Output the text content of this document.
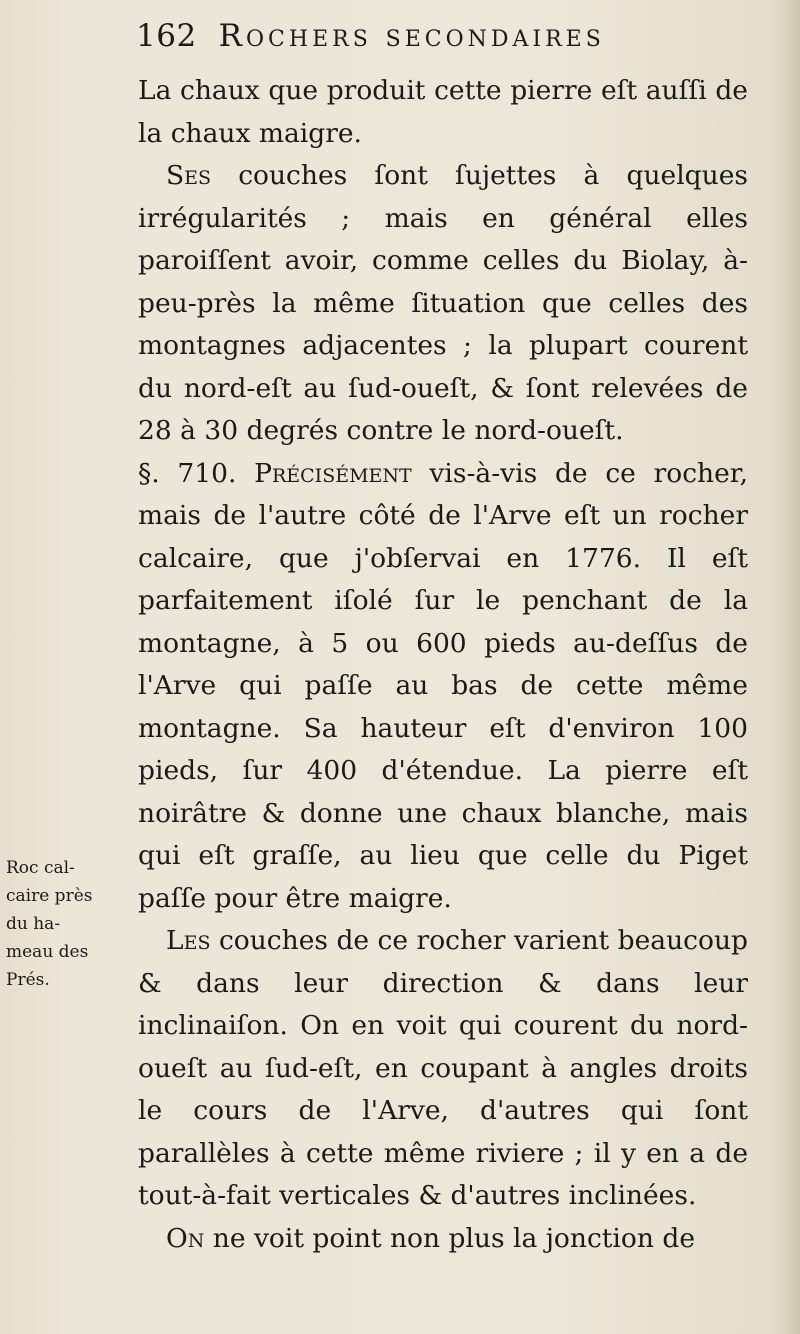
162 Rochers secondaires
Roc cal-
caire près
du ha-
meau des
Prés.

La chaux que produit cette pierre eſt auſſi de la chaux maigre.

Ses couches ſont ſujettes à quelques irrégularités ; mais en général elles paroiſſent avoir, comme celles du Biolay, à-peu-près la même ſituation que celles des montagnes adjacentes ; la plupart courent du nord-eſt au ſud-oueſt, & ſont relevées de 28 à 30 degrés contre le nord-oueſt.

§. 710. Précisément vis-à-vis de ce rocher, mais de l'autre côté de l'Arve eſt un rocher calcaire, que j'obſervai en 1776. Il eſt parfaitement iſolé ſur le penchant de la montagne, à 5 ou 600 pieds au-deſſus de l'Arve qui paſſe au bas de cette même montagne. Sa hauteur eſt d'environ 100 pieds, ſur 400 d'étendue. La pierre eſt noirâtre & donne une chaux blanche, mais qui eſt graſſe, au lieu que celle du Piget paſſe pour être maigre.

Les couches de ce rocher varient beaucoup & dans leur direction & dans leur inclinaiſon. On en voit qui courent du nord-oueſt au ſud-eſt, en coupant à angles droits le cours de l'Arve, d'autres qui ſont parallèles à cette même riviere ; il y en a de tout-à-fait verticales & d'autres inclinées.

On ne voit point non plus la jonction de
